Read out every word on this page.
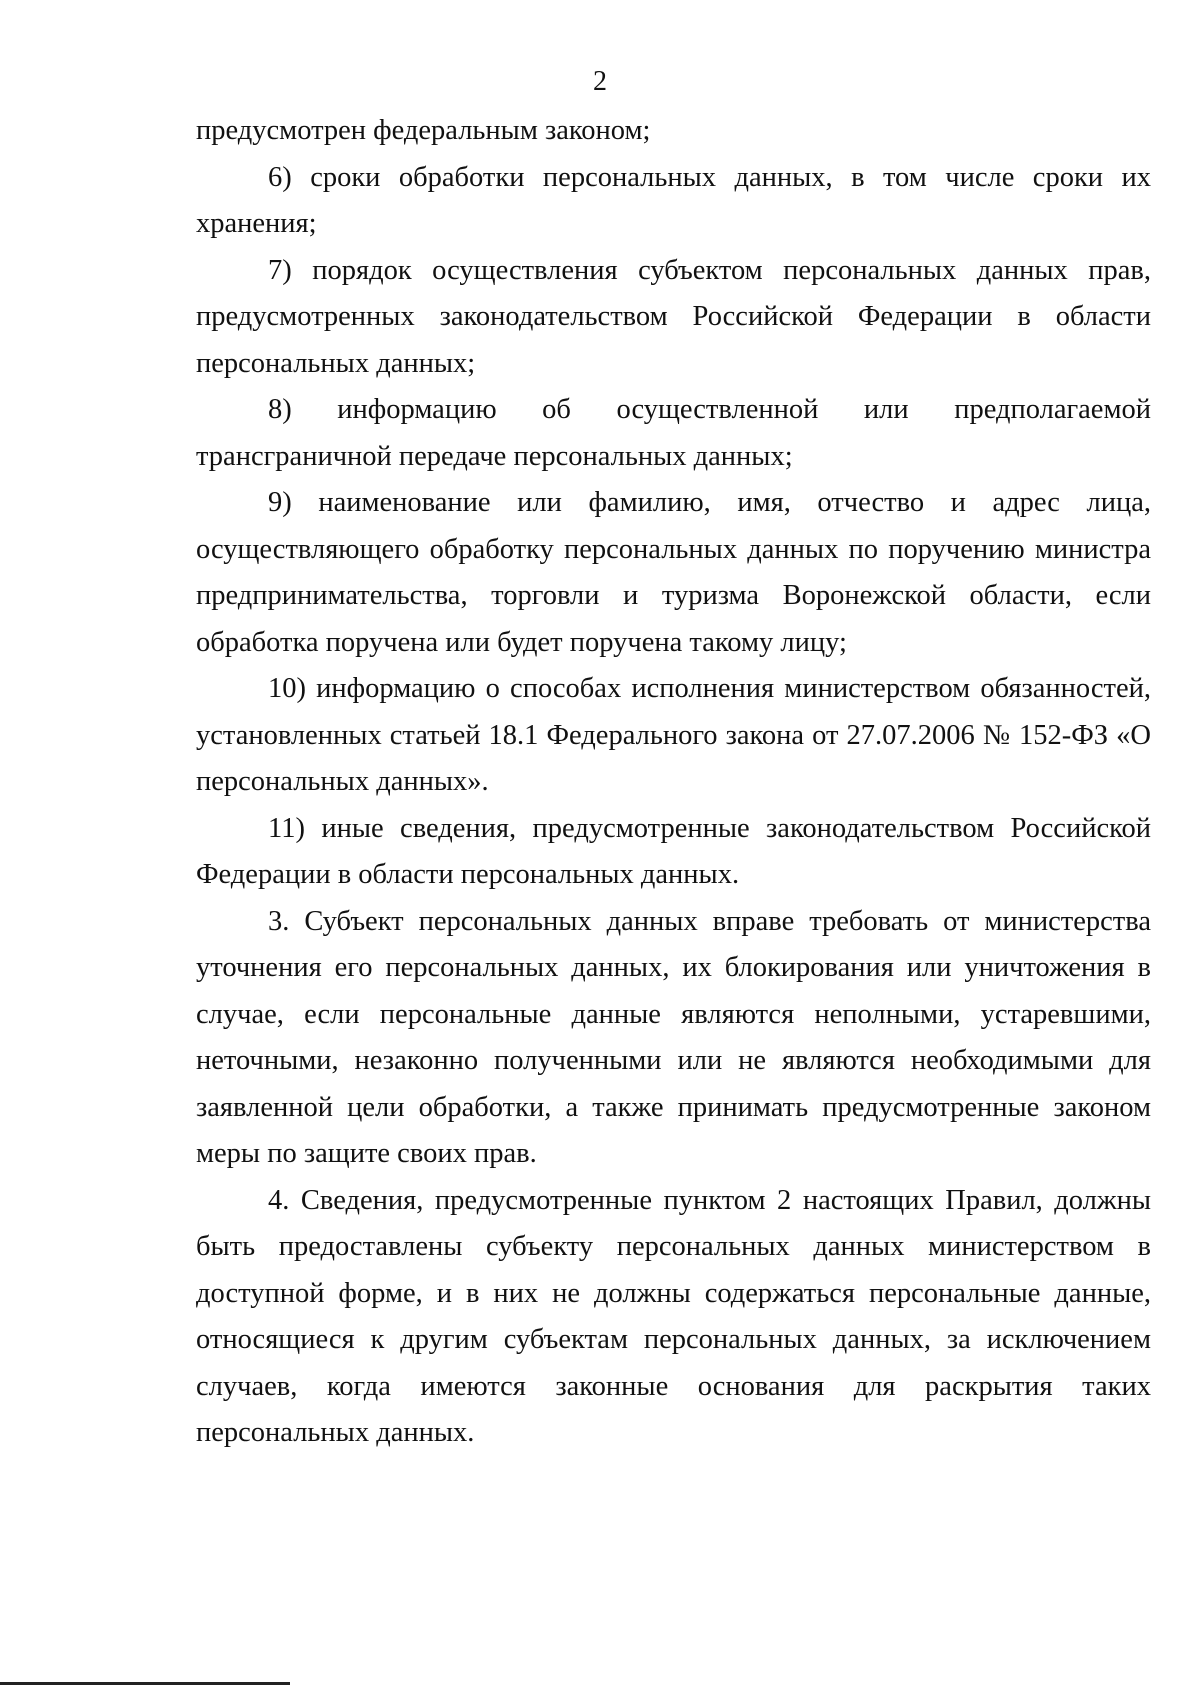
2

предусмотрен федеральным законом;

6) сроки обработки персональных данных, в том числе сроки их хранения;

7) порядок осуществления субъектом персональных данных прав, предусмотренных законодательством Российской Федерации в области персональных данных;

8) информацию об осуществленной или предполагаемой трансграничной передаче персональных данных;

9) наименование или фамилию, имя, отчество и адрес лица, осуществляющего обработку персональных данных по поручению министра предпринимательства, торговли и туризма Воронежской области, если обработка поручена или будет поручена такому лицу;

10) информацию о способах исполнения министерством обязанностей, установленных статьей 18.1 Федерального закона от 27.07.2006 № 152-ФЗ «О персональных данных».

11) иные сведения, предусмотренные законодательством Российской Федерации в области персональных данных.

3. Субъект персональных данных вправе требовать от министерства уточнения его персональных данных, их блокирования или уничтожения в случае, если персональные данные являются неполными, устаревшими, неточными, незаконно полученными или не являются необходимыми для заявленной цели обработки, а также принимать предусмотренные законом меры по защите своих прав.

4. Сведения, предусмотренные пунктом 2 настоящих Правил, должны быть предоставлены субъекту персональных данных министерством в доступной форме, и в них не должны содержаться персональные данные, относящиеся к другим субъектам персональных данных, за исключением случаев, когда имеются законные основания для раскрытия таких персональных данных.
